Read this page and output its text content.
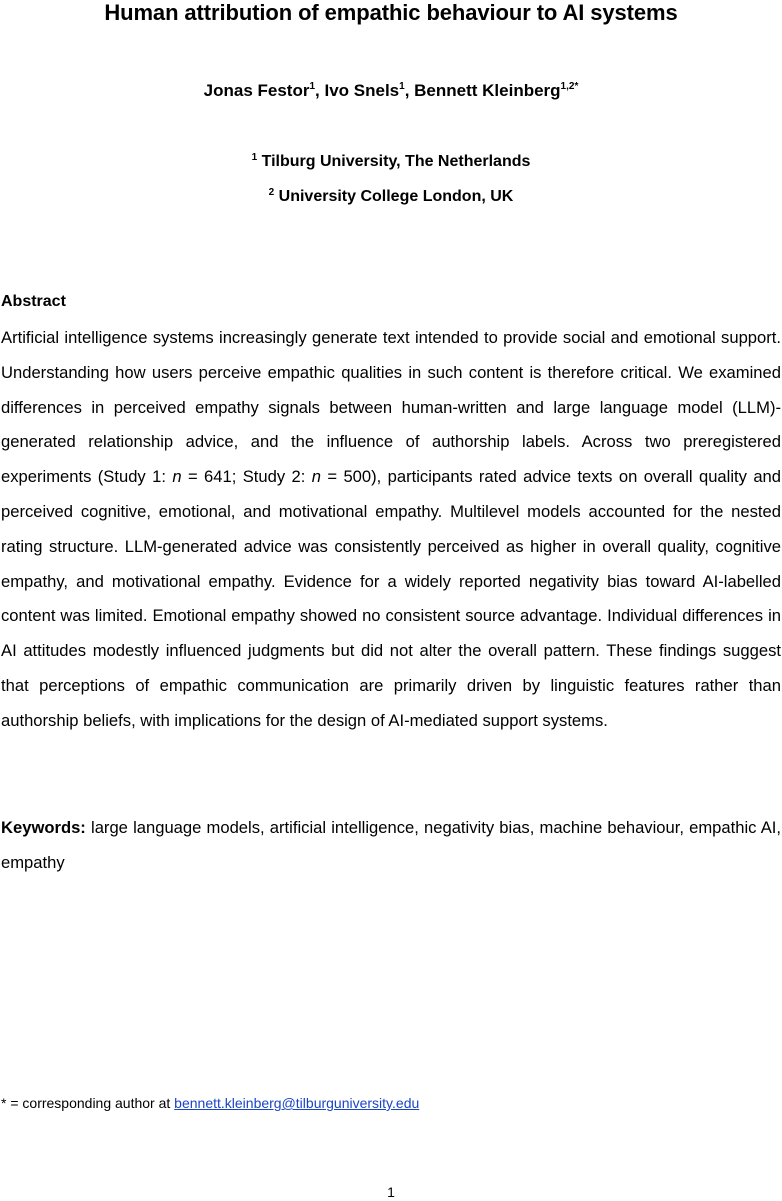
Human attribution of empathic behaviour to AI systems
Jonas Festor$^1$, Ivo Snels$^1$, Bennett Kleinberg$^{1,2*}$
$^1$ Tilburg University, The Netherlands
$^2$ University College London, UK
Abstract
Artificial intelligence systems increasingly generate text intended to provide social and emotional support. Understanding how users perceive empathic qualities in such content is therefore critical. We examined differences in perceived empathy signals between human-written and large language model (LLM)-generated relationship advice, and the influence of authorship labels. Across two preregistered experiments (Study 1: n = 641; Study 2: n = 500), participants rated advice texts on overall quality and perceived cognitive, emotional, and motivational empathy. Multilevel models accounted for the nested rating structure. LLM-generated advice was consistently perceived as higher in overall quality, cognitive empathy, and motivational empathy. Evidence for a widely reported negativity bias toward AI-labelled content was limited. Emotional empathy showed no consistent source advantage. Individual differences in AI attitudes modestly influenced judgments but did not alter the overall pattern. These findings suggest that perceptions of empathic communication are primarily driven by linguistic features rather than authorship beliefs, with implications for the design of AI-mediated support systems.
Keywords: large language models, artificial intelligence, negativity bias, machine behaviour, empathic AI, empathy
* = corresponding author at bennett.kleinberg@tilburguniversity.edu
1
